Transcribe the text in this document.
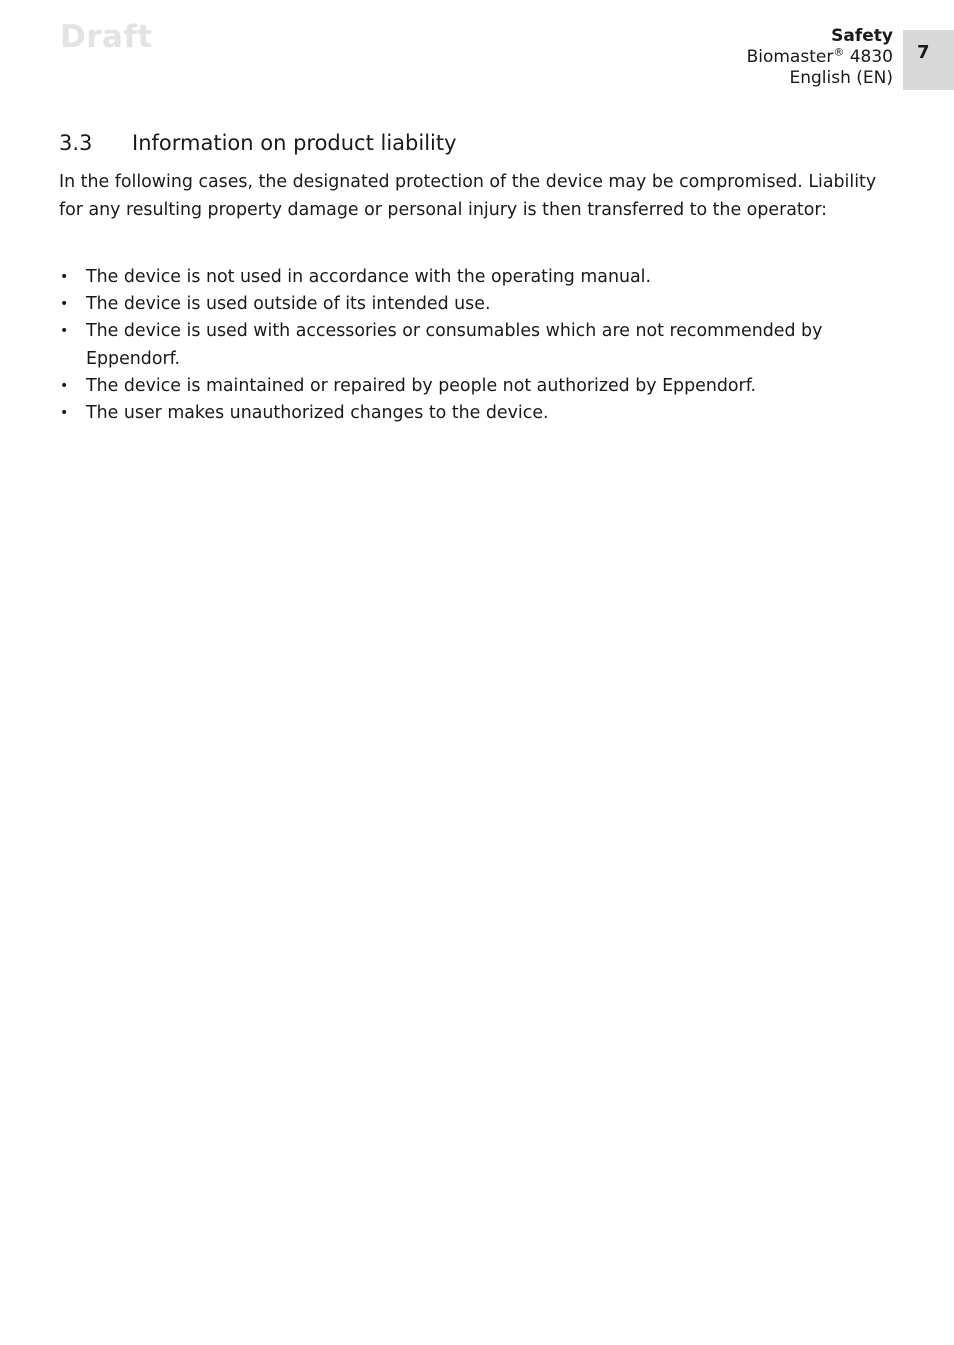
Draft	Safety
Biomaster® 4830
English (EN)
7
3.3 Information on product liability

In the following cases, the designated protection of the device may be compromised. Liability for any resulting property damage or personal injury is then transferred to the operator:

• The device is not used in accordance with the operating manual.
• The device is used outside of its intended use.
• The device is used with accessories or consumables which are not recommended by Eppendorf.
• The device is maintained or repaired by people not authorized by Eppendorf.
• The user makes unauthorized changes to the device.
